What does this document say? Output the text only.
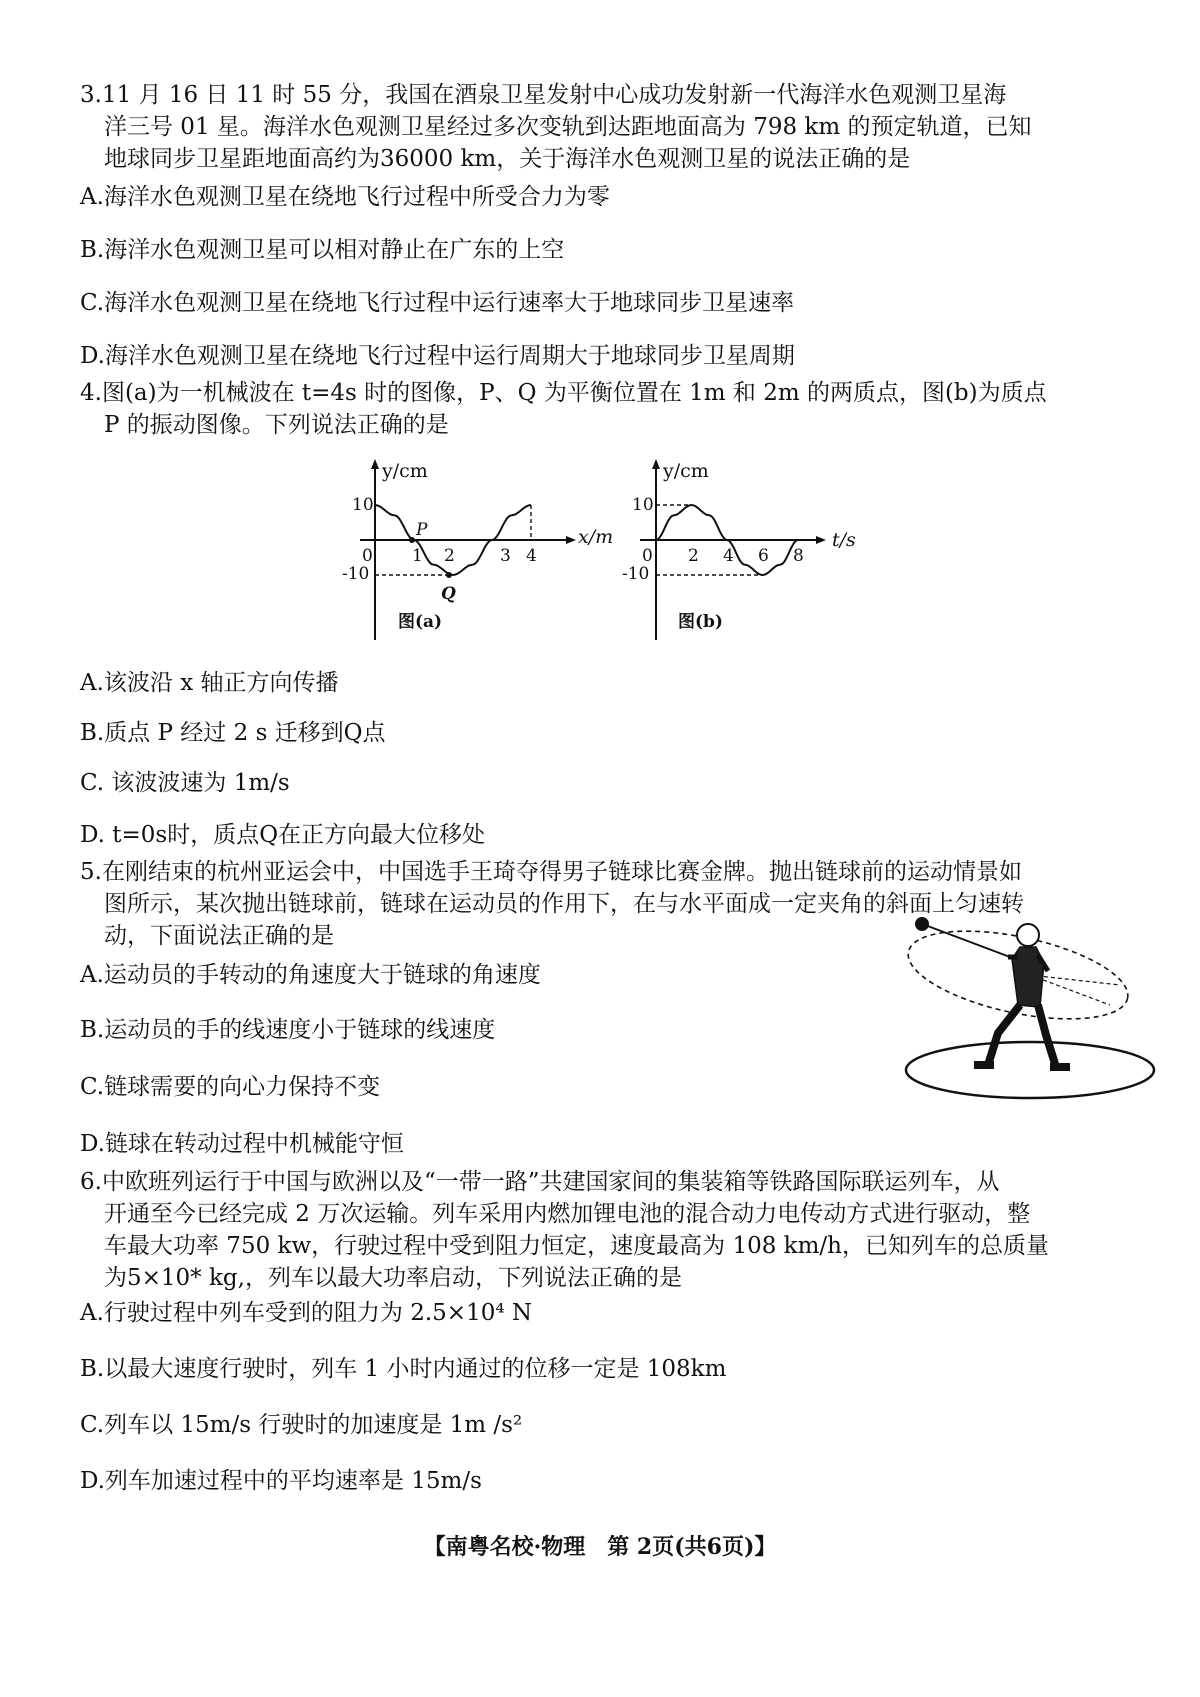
3.11 月 16 日 11 时 55 分，我国在酒泉卫星发射中心成功发射新一代海洋水色观测卫星海
洋三号 01 星。海洋水色观测卫星经过多次变轨到达距地面高为 798 km 的预定轨道，已知
地球同步卫星距地面高约为36000 km，关于海洋水色观测卫星的说法正确的是
A.海洋水色观测卫星在绕地飞行过程中所受合力为零
B.海洋水色观测卫星可以相对静止在广东的上空
C.海洋水色观测卫星在绕地飞行过程中运行速率大于地球同步卫星速率
D.海洋水色观测卫星在绕地飞行过程中运行周期大于地球同步卫星周期
4.图(a)为一机械波在 t=4s 时的图像，P、Q 为平衡位置在 1m 和 2m 的两质点，图(b)为质点
P 的振动图像。下列说法正确的是
y/cm
x/m
0
10
-10
1 2	3 4
P
Q
图(a)
y/cm
t/s
0
10
-10
2 4 6 8
图(b)
A.该波沿 x 轴正方向传播
B.质点 P 经过 2 s 迁移到Q点
C. 该波波速为 1m/s
D. t=0s时，质点Q在正方向最大位移处
5.在刚结束的杭州亚运会中，中国选手王琦夺得男子链球比赛金牌。抛出链球前的运动情景如
图所示，某次抛出链球前，链球在运动员的作用下，在与水平面成一定夹角的斜面上匀速转
动，下面说法正确的是
A.运动员的手转动的角速度大于链球的角速度
B.运动员的手的线速度小于链球的线速度
C.链球需要的向心力保持不变
D.链球在转动过程中机械能守恒
6.中欧班列运行于中国与欧洲以及“一带一路”共建国家间的集装箱等铁路国际联运列车，从
开通至今已经完成 2 万次运输。列车采用内燃加锂电池的混合动力电传动方式进行驱动，整
车最大功率 750 kw，行驶过程中受到阻力恒定，速度最高为 108 km/h，已知列车的总质量
为5×10* kg,，列车以最大功率启动，下列说法正确的是
A.行驶过程中列车受到的阻力为 2.5×10⁴ N
B.以最大速度行驶时，列车 1 小时内通过的位移一定是 108km
C.列车以 15m/s 行驶时的加速度是 1m /s²
D.列车加速过程中的平均速率是 15m/s
【南粤名校·物理　第 2页(共6页)】
